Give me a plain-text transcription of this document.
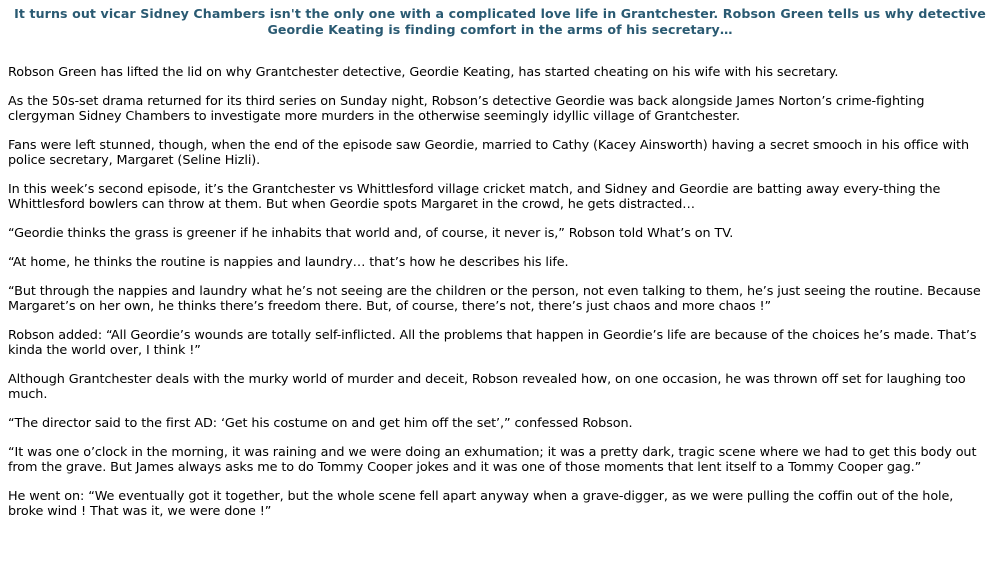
It turns out vicar Sidney Chambers isn't the only one with a complicated love life in Grantchester. Robson Green tells us why detective Geordie Keating is finding comfort in the arms of his secretary…

Robson Green has lifted the lid on why Grantchester detective, Geordie Keating, has started cheating on his wife with his secretary.

As the 50s-set drama returned for its third series on Sunday night, Robson’s detective Geordie was back alongside James Norton’s crime-fighting clergyman Sidney Chambers to investigate more murders in the otherwise seemingly idyllic village of Grantchester.

Fans were left stunned, though, when the end of the episode saw Geordie, married to Cathy (Kacey Ainsworth) having a secret smooch in his office with police secretary, Margaret (Seline Hizli).

In this week’s second episode, it’s the Grantchester vs Whittlesford village cricket match, and Sidney and Geordie are batting away every-thing the Whittlesford bowlers can throw at them. But when Geordie spots Margaret in the crowd, he gets distracted…

“Geordie thinks the grass is greener if he inhabits that world and, of course, it never is,” Robson told What’s on TV.

“At home, he thinks the routine is nappies and laundry… that’s how he describes his life.

“But through the nappies and laundry what he’s not seeing are the children or the person, not even talking to them, he’s just seeing the routine. Because Margaret’s on her own, he thinks there’s freedom there. But, of course, there’s not, there’s just chaos and more chaos !”

Robson added: “All Geordie’s wounds are totally self-inflicted. All the problems that happen in Geordie’s life are because of the choices he’s made. That’s kinda the world over, I think !”

Although Grantchester deals with the murky world of murder and deceit, Robson revealed how, on one occasion, he was thrown off set for laughing too much.

“The director said to the first AD: ‘Get his costume on and get him off the set’,” confessed Robson.

“It was one o’clock in the morning, it was raining and we were doing an exhumation; it was a pretty dark, tragic scene where we had to get this body out from the grave. But James always asks me to do Tommy Cooper jokes and it was one of those moments that lent itself to a Tommy Cooper gag.”

He went on: “We eventually got it together, but the whole scene fell apart anyway when a grave-digger, as we were pulling the coffin out of the hole, broke wind ! That was it, we were done !”
